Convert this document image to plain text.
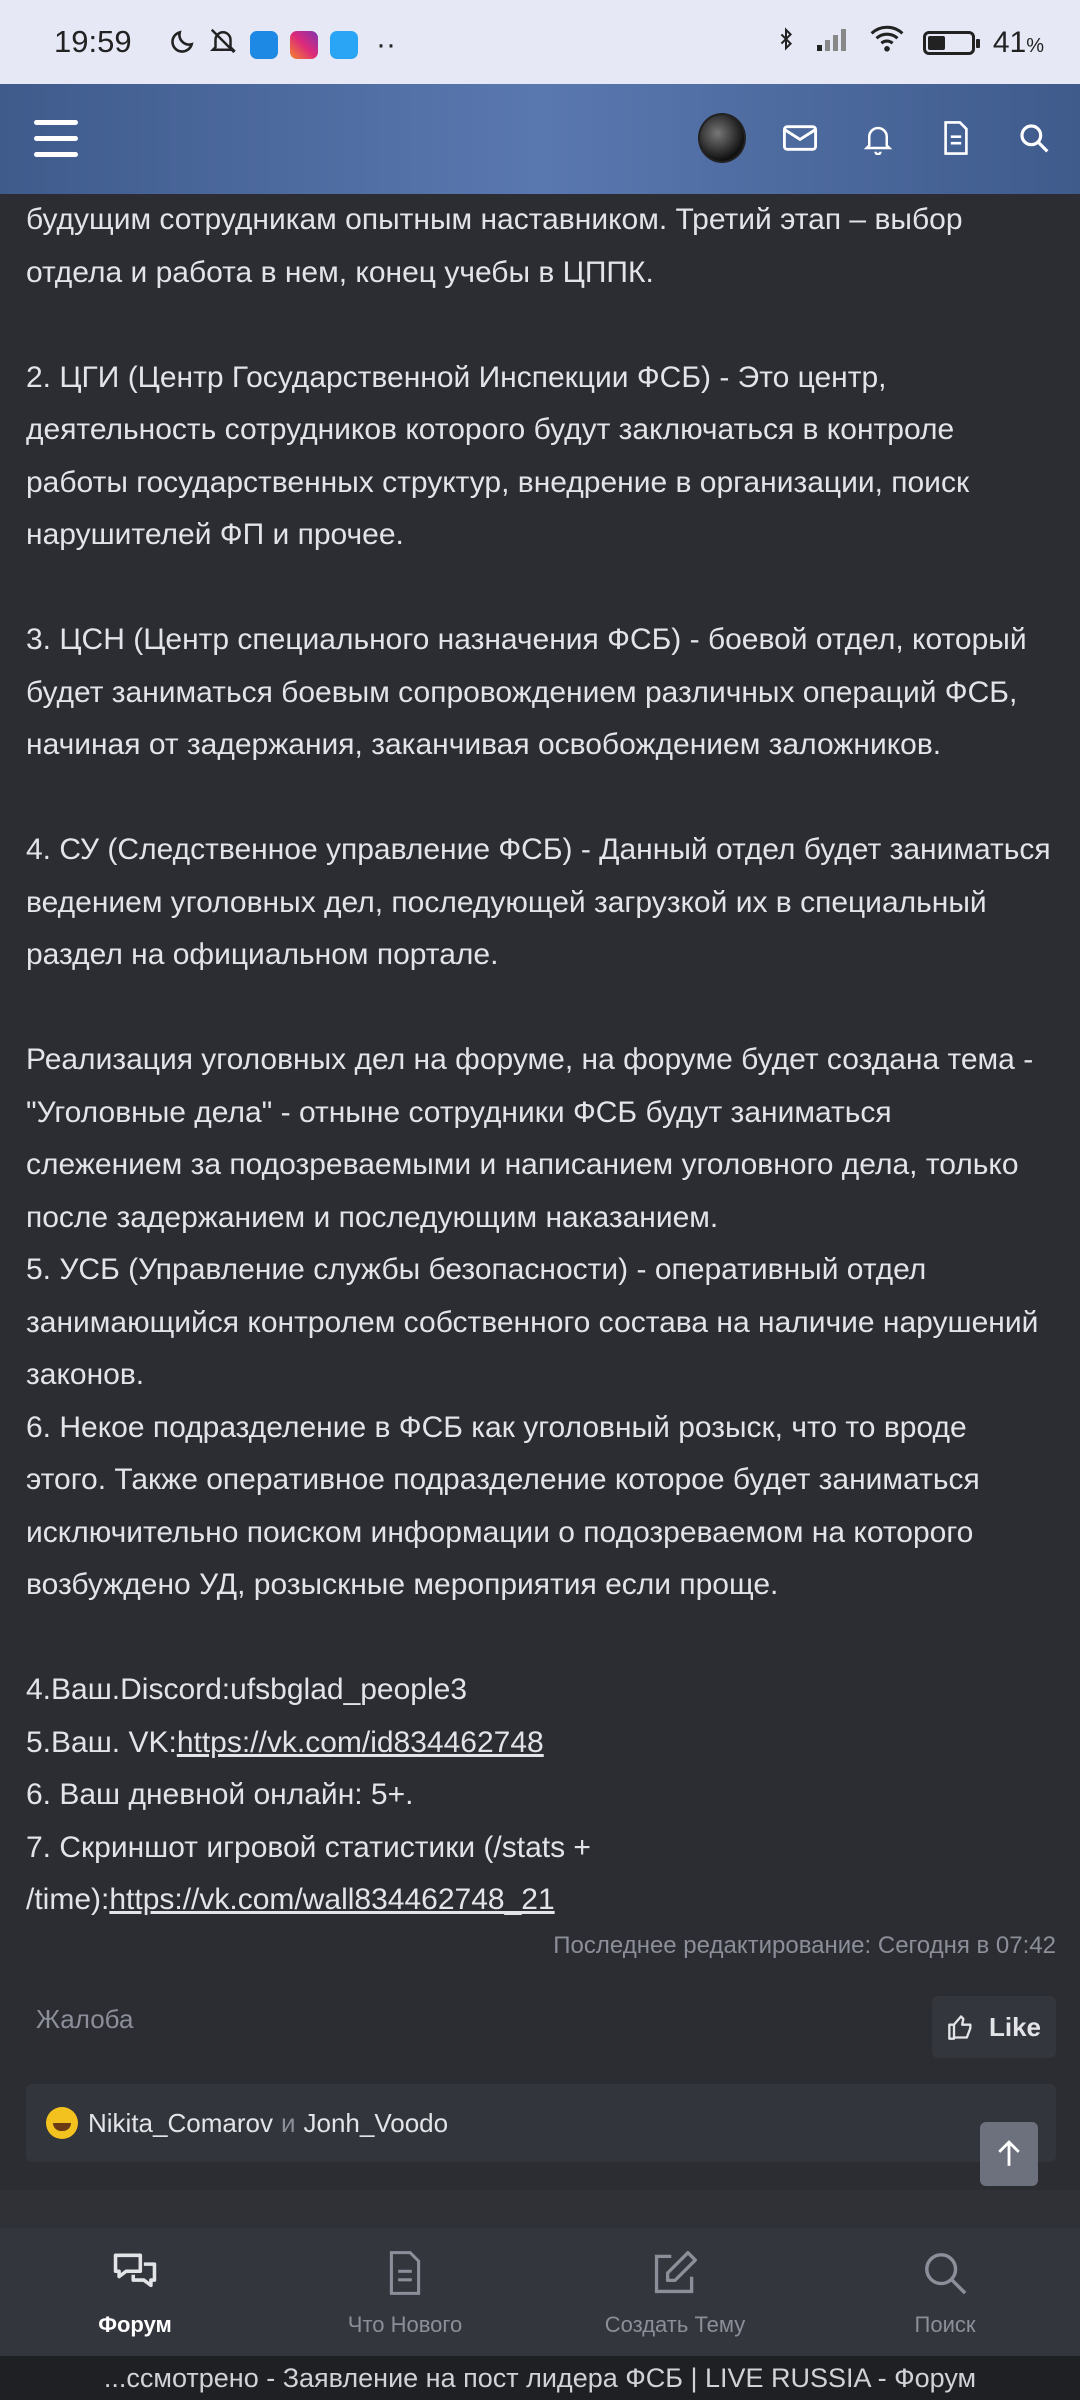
19:59	··	41%

будущим сотрудникам опытным наставником. Третий этап – выбор
отдела и работа в нем, конец учебы в ЦППК.

2. ЦГИ (Центр Государственной Инспекции ФСБ) - Это центр,
деятельность сотрудников которого будут заключаться в контроле
работы государственных структур, внедрение в организации, поиск
нарушителей ФП и прочее.

3. ЦСН (Центр специального назначения ФСБ) - боевой отдел, который
будет заниматься боевым сопровождением различных операций ФСБ,
начиная от задержания, заканчивая освобождением заложников.

4. СУ (Следственное управление ФСБ) - Данный отдел будет заниматься
ведением уголовных дел, последующей загрузкой их в специальный
раздел на официальном портале.

Реализация уголовных дел на форуме, на форуме будет создана тема -
"Уголовные дела" - отныне сотрудники ФСБ будут заниматься
слежением за подозреваемыми и написанием уголовного дела, только
после задержанием и последующим наказанием.
5. УСБ (Управление службы безопасности) - оперативный отдел
занимающийся контролем собственного состава на наличие нарушений
законов.
6. Некое подразделение в ФСБ как уголовный розыск, что то вроде
этого. Также оперативное подразделение которое будет заниматься
исключительно поиском информации о подозреваемом на которого
возбуждено УД, розыскные мероприятия если проще.

4.Ваш.Discord:ufsbglad_people3
5.Ваш. VK:https://vk.com/id834462748
6. Ваш дневной онлайн: 5+.
7. Скриншот игровой статистики (/stats +
/time):https://vk.com/wall834462748_21

Последнее редактирование: Сегодня в 07:42
Жалоба	Like
Nikita_Comarov и Jonh_Voodo
Форум	Что Нового	Создать Тему	Поиск
...ссмотрено - Заявление на пост лидера ФСБ | LIVE RUSSIA - Форум
